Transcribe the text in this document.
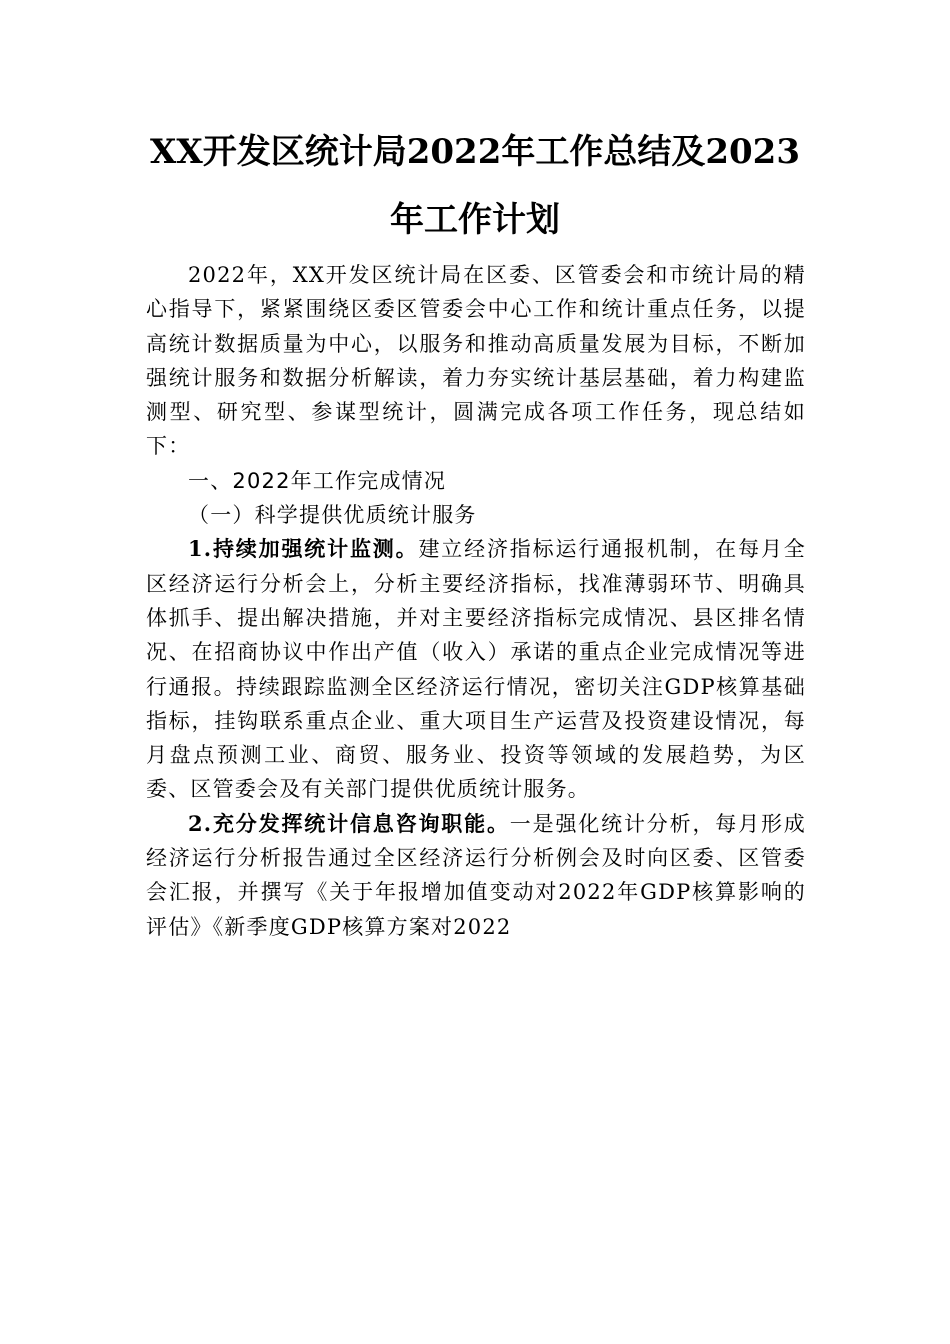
XX开发区统计局2022年工作总结及2023
年工作计划

2022年，XX开发区统计局在区委、区管委会和市统计局的精心指导下，紧紧围绕区委区管委会中心工作和统计重点任务，以提高统计数据质量为中心，以服务和推动高质量发展为目标，不断加强统计服务和数据分析解读，着力夯实统计基层基础，着力构建监测型、研究型、参谋型统计，圆满完成各项工作任务，现总结如下：

一、2022年工作完成情况

（一）科学提供优质统计服务

1.持续加强统计监测。建立经济指标运行通报机制，在每月全区经济运行分析会上，分析主要经济指标，找准薄弱环节、明确具体抓手、提出解决措施，并对主要经济指标完成情况、县区排名情况、在招商协议中作出产值（收入）承诺的重点企业完成情况等进行通报。持续跟踪监测全区经济运行情况，密切关注GDP核算基础指标，挂钩联系重点企业、重大项目生产运营及投资建设情况，每月盘点预测工业、商贸、服务业、投资等领域的发展趋势，为区委、区管委会及有关部门提供优质统计服务。

2.充分发挥统计信息咨询职能。一是强化统计分析，每月形成经济运行分析报告通过全区经济运行分析例会及时向区委、区管委会汇报，并撰写《关于年报增加值变动对2022年GDP核算影响的评估》《新季度GDP核算方案对2022
